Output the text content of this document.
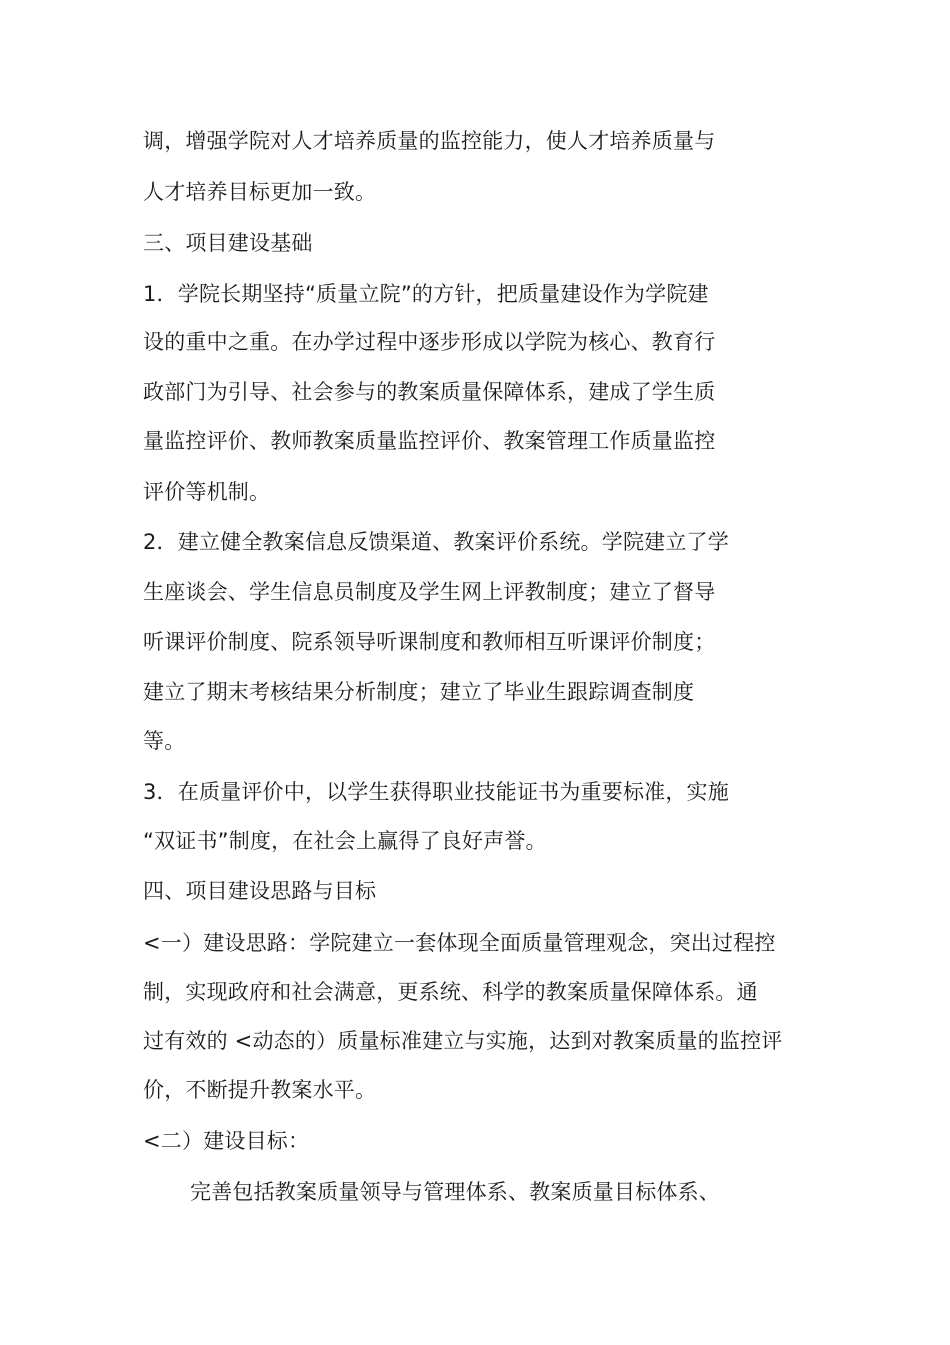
调，增强学院对人才培养质量的监控能力，使人才培养质量与
人才培养目标更加一致。
三、项目建设基础
1．学院长期坚持“质量立院”的方针，把质量建设作为学院建
设的重中之重。在办学过程中逐步形成以学院为核心、教育行
政部门为引导、社会参与的教案质量保障体系，建成了学生质
量监控评价、教师教案质量监控评价、教案管理工作质量监控
评价等机制。
2．建立健全教案信息反馈渠道、教案评价系统。学院建立了学
生座谈会、学生信息员制度及学生网上评教制度；建立了督导
听课评价制度、院系领导听课制度和教师相互听课评价制度；
建立了期末考核结果分析制度；建立了毕业生跟踪调查制度
等。
3．在质量评价中，以学生获得职业技能证书为重要标准，实施
“双证书”制度，在社会上赢得了良好声誉。
四、项目建设思路与目标
<一）建设思路：学院建立一套体现全面质量管理观念，突出过程控
制，实现政府和社会满意，更系统、科学的教案质量保障体系。通
过有效的 <动态的）质量标准建立与实施，达到对教案质量的监控评
价，不断提升教案水平。
<二）建设目标：
完善包括教案质量领导与管理体系、教案质量目标体系、
